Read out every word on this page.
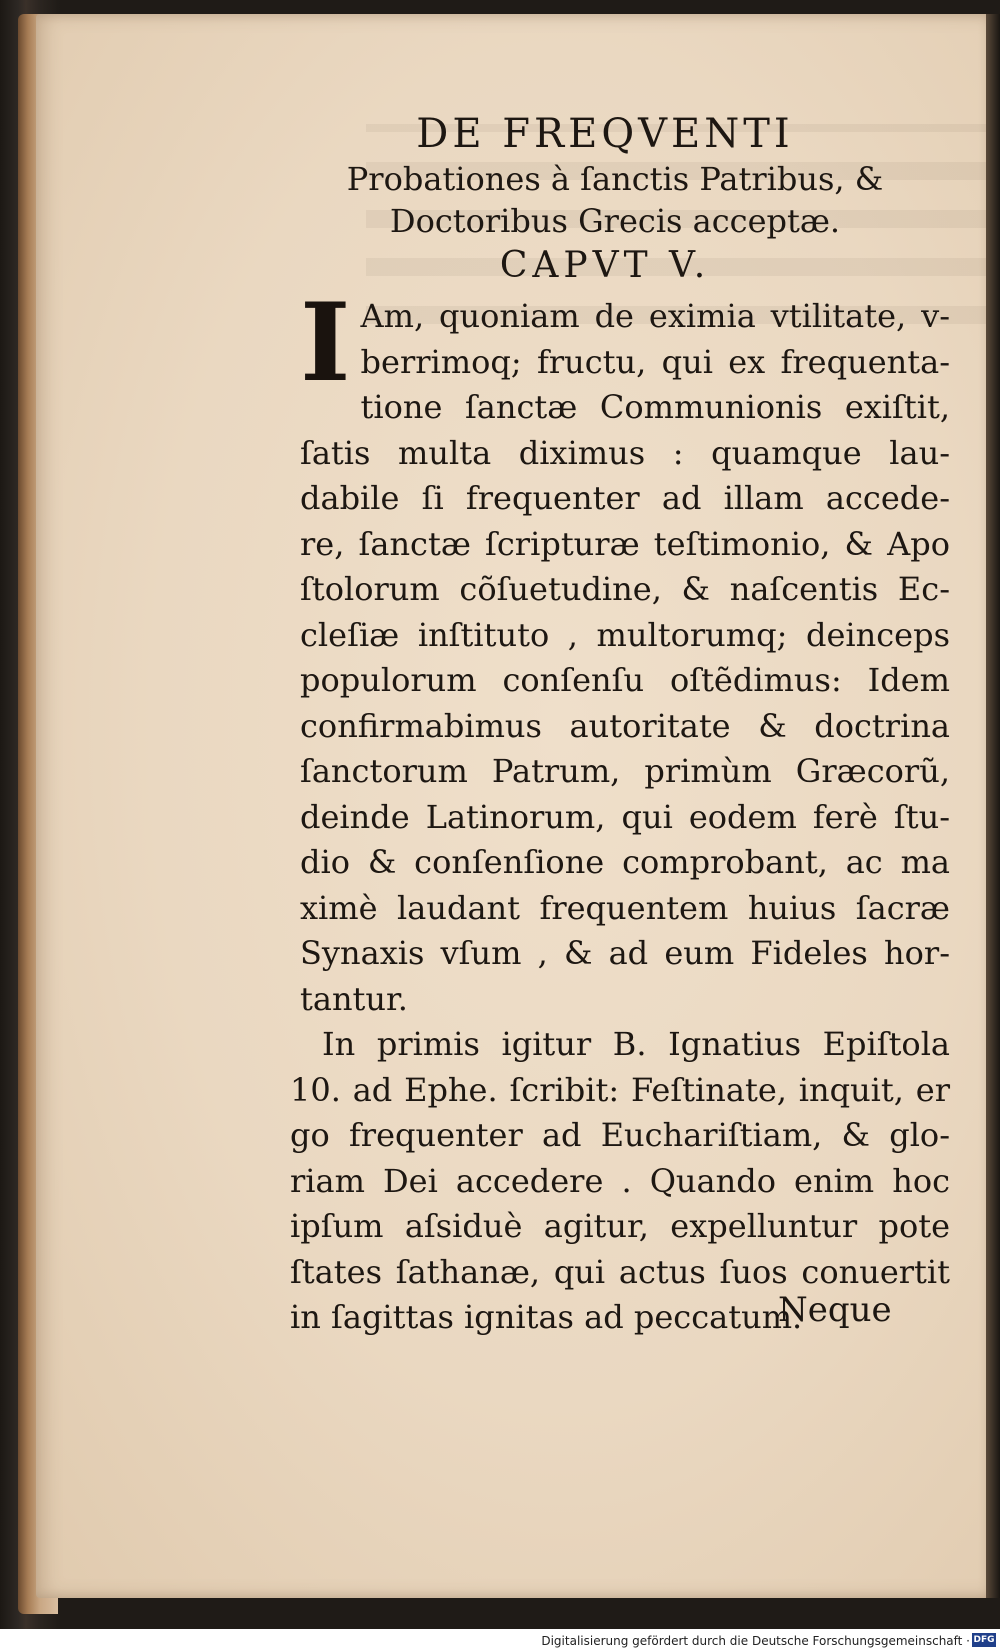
DE FREQVENTI
Probationes à ſanctis Patribus, &
Doctoribus Grecis acceptæ.
CAPVT V.
I Am, quoniam de eximia vtilitate, v-
berrimoq; fructu, qui ex frequenta-
tione ſanctæ Communionis exiſtit,
ſatis multa diximus : quamque lau-
dabile ſi frequenter ad illam accede-
re, ſanctæ ſcripturæ teſtimonio, & Apo
ſtolorum cõſuetudine, & naſcentis Ec-
cleſiæ inſtituto , multorumq; deinceps
populorum conſenſu oſtẽdimus: Idem
confirmabimus autoritate & doctrina
ſanctorum Patrum, primùm Græcorũ,
deinde Latinorum, qui eodem ferè ſtu-
dio & conſenſione comprobant, ac ma
ximè laudant frequentem huius ſacræ
Synaxis vſum , & ad eum Fideles hor-
tantur.
In primis igitur B. Ignatius Epiſtola
10. ad Ephe. ſcribit: Feſtinate, inquit, er
go frequenter ad Euchariſtiam, & glo-
riam Dei accedere . Quando enim hoc
ipſum aſsiduè agitur, expelluntur pote
ſtates ſathanæ, qui actus ſuos conuertit
in ſagittas ignitas ad peccatum.
Neque
Digitalisierung gefördert durch die Deutsche Forschungsgemeinschaft · DFG
